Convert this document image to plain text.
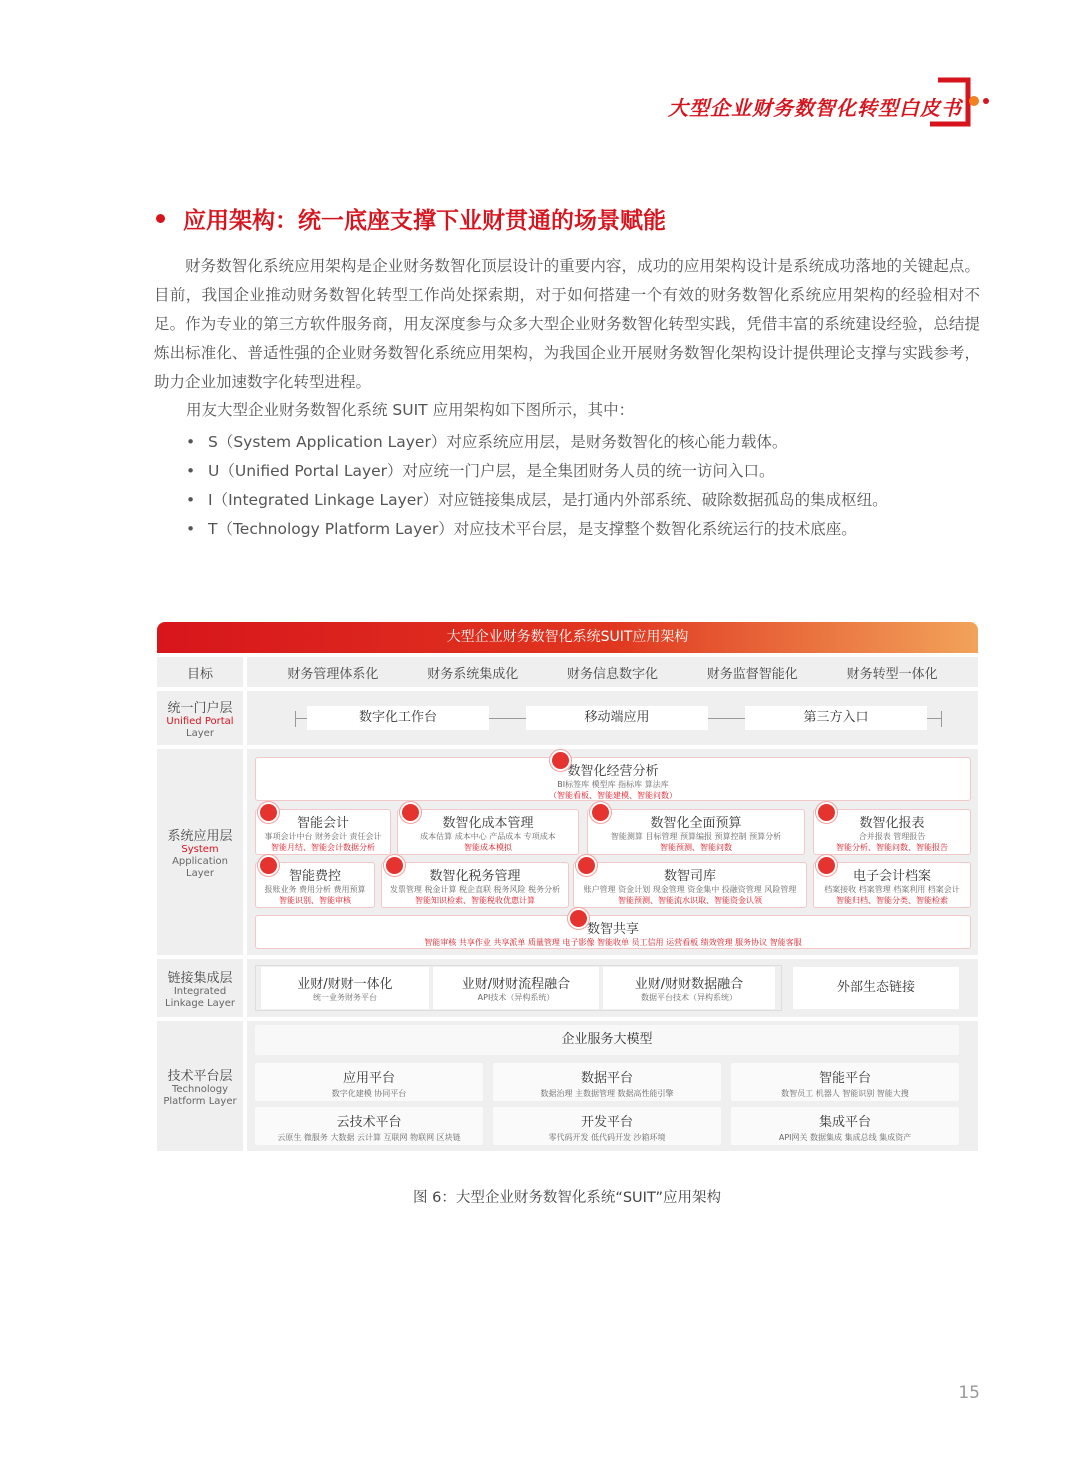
大型企业财务数智化转型白皮书
应用架构：统一底座支撑下业财贯通的场景赋能

财务数智化系统应用架构是企业财务数智化顶层设计的重要内容，成功的应用架构设计是系统成功落地的关键起点。目前，我国企业推动财务数智化转型工作尚处探索期，对于如何搭建一个有效的财务数智化系统应用架构的经验相对不足。作为专业的第三方软件服务商，用友深度参与众多大型企业财务数智化转型实践，凭借丰富的系统建设经验，总结提炼出标准化、普适性强的企业财务数智化系统应用架构，为我国企业开展财务数智化架构设计提供理论支撑与实践参考，助力企业加速数字化转型进程。

用友大型企业财务数智化系统 SUIT 应用架构如下图所示，其中：
• S（System Application Layer）对应系统应用层，是财务数智化的核心能力载体。
• U（Unified Portal Layer）对应统一门户层，是全集团财务人员的统一访问入口。
• I（Integrated Linkage Layer）对应链接集成层，是打通内外部系统、破除数据孤岛的集成枢纽。
• T（Technology Platform Layer）对应技术平台层，是支撑整个数智化系统运行的技术底座。
大型企业财务数智化系统SUIT应用架构
目标	财务管理体系化	财务系统集成化	财务信息数字化	财务监督智能化	财务转型一体化
统一门户层
Unified Portal
Layer
数字化工作台	移动端应用	第三方入口
系统应用层
System
Application
Layer
数智化经营分析
BI标签库 模型库 指标库 算法库
（智能看板、智能建模、智能问数）
智能会计
事项会计中台 财务会计 责任会计
智能月结、智能会计数据分析
数智化成本管理
成本估算 成本中心 产品成本 专项成本
智能成本模拟
数智化全面预算
智能测算 目标管理 预算编报 预算控制 预算分析
智能预测、智能问数
数智化报表
合并报表 管理报告
智能分析、智能问数、智能报告
智能费控
报账业务 费用分析 费用预算
智能识别、智能审核
数智化税务管理
发票管理 税金计算 税企直联 税务风险 税务分析
智能知识检索、智能税收优惠计算
数智司库
账户管理 资金计划 现金管理 资金集中 投融资管理 风险管理
智能预测、智能流水识取、智能资金认领
电子会计档案
档案接收 档案管理 档案利用 档案会计
智能归档、智能分类、智能检索
数智共享
智能审核 共享作业 共享派单 质量管理 电子影像 智能收单 员工信用 运营看板 绩效管理 服务协议 智能客服
链接集成层
Integrated
Linkage Layer
业财/财财一体化
统一业务财务平台
业财/财财流程融合
API技术（异构系统）
业财/财财数据融合
数据平台技术（异构系统）
外部生态链接
技术平台层
Technology
Platform Layer
企业服务大模型
应用平台
数字化建模 协同平台
数据平台
数据治理 主数据管理 数据高性能引擎
智能平台
数智员工 机器人 智能识别 智能大搜
云技术平台
云原生 微服务 大数据 云计算 互联网 物联网 区块链
开发平台
零代码开发 低代码开发 沙箱环境
集成平台
API网关 数据集成 集成总线 集成资产
图 6：大型企业财务数智化系统“SUIT”应用架构
15
